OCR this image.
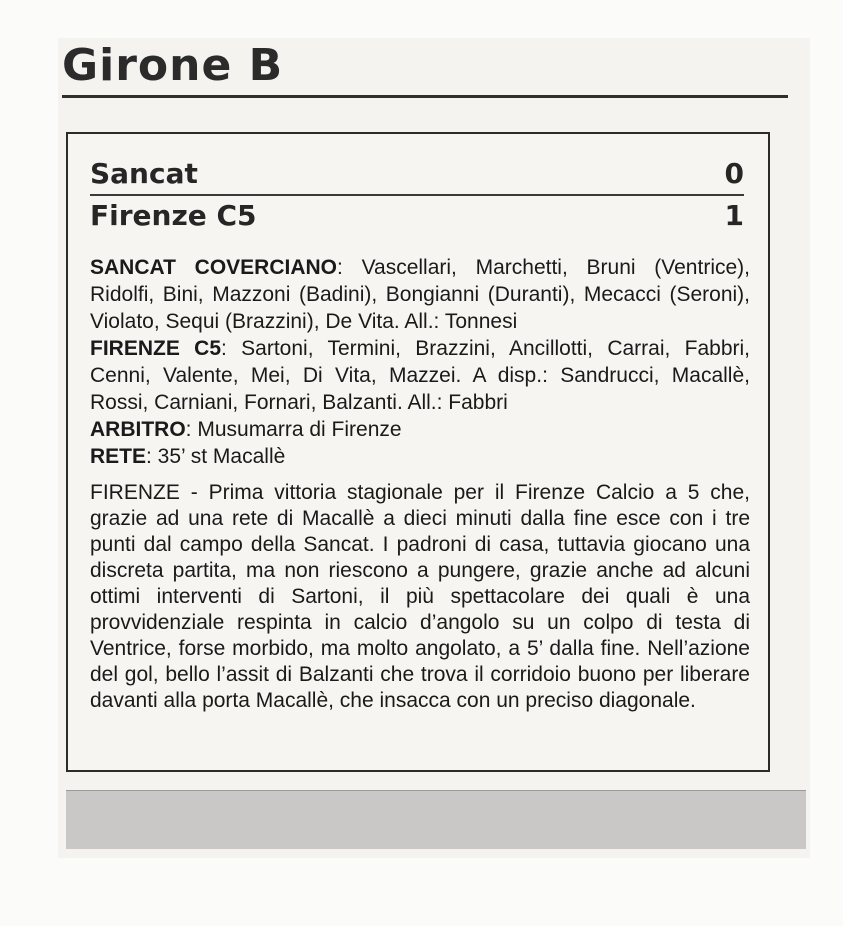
Girone B
Sancat	0
Firenze C5	1

SANCAT COVERCIANO: Vascellari, Marchetti, Bruni (Ventrice), Ridolfi, Bini, Mazzoni (Badini), Bongianni (Duranti), Mecacci (Seroni), Violato, Sequi (Brazzini), De Vita. All.: Tonnesi

FIRENZE C5: Sartoni, Termini, Brazzini, Ancillotti, Carrai, Fabbri, Cenni, Valente, Mei, Di Vita, Mazzei. A disp.: Sandrucci, Macallè, Rossi, Carniani, Fornari, Balzanti. All.: Fabbri

ARBITRO: Musumarra di Firenze

RETE: 35’ st Macallè

FIRENZE - Prima vittoria stagionale per il Firenze Calcio a 5 che, grazie ad una rete di Macallè a dieci minuti dalla fine esce con i tre punti dal campo della Sancat. I padroni di casa, tuttavia giocano una discreta partita, ma non riescono a pungere, grazie anche ad alcuni ottimi interventi di Sartoni, il più spettacolare dei quali è una provvidenziale respinta in calcio d’angolo su un colpo di testa di Ventrice, forse morbido, ma molto angolato, a 5’ dalla fine. Nell’azione del gol, bello l’assit di Balzanti che trova il corridoio buono per liberare davanti alla porta Macallè, che insacca con un preciso diagonale.
